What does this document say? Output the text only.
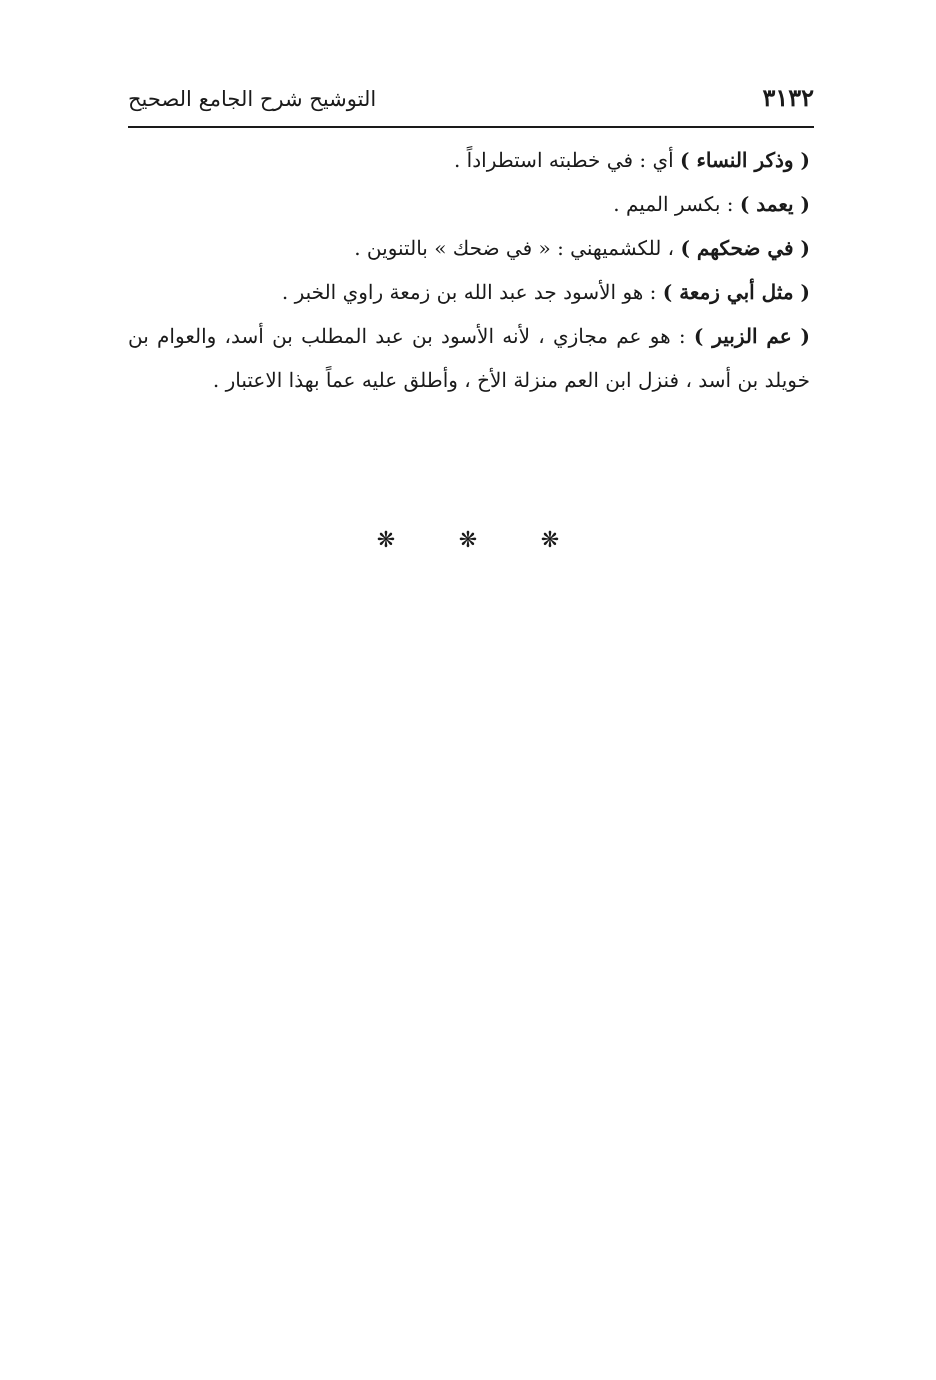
٣١٣٢
التوشيح شرح الجامع الصحيح

( وذكر النساء ) أي : في خطبته استطراداً .

( يعمد ) : بكسر الميم .

( في ضحكهم ) ، للكشميهني : « في ضحك » بالتنوين .

( مثل أبي زمعة ) : هو الأسود جد عبد الله بن زمعة راوي الخبر .

( عم الزبير ) : هو عم مجازي ، لأنه الأسود بن عبد المطلب بن أسد، والعوام بن خويلد بن أسد ، فنزل ابن العم منزلة الأخ ، وأطلق عليه عماً بهذا الاعتبار .

❋	❋	❋
